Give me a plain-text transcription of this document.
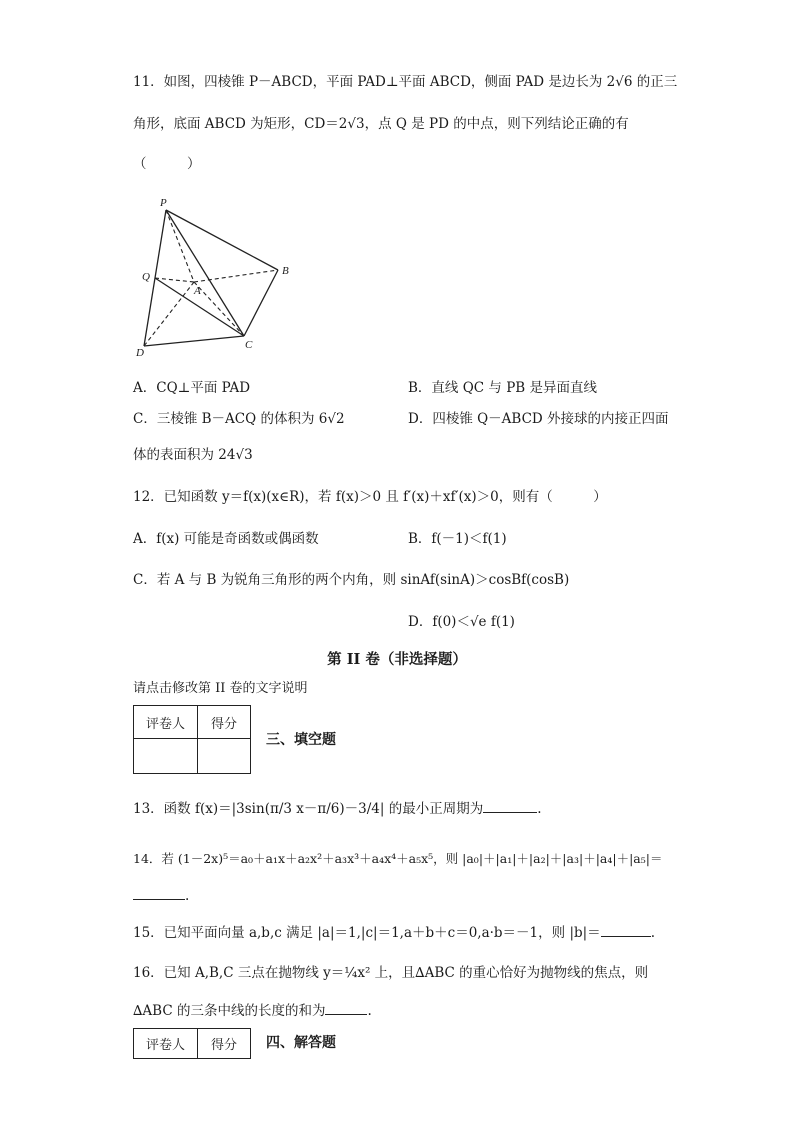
11．如图，四棱锥 P－ABCD，平面 PAD⊥平面 ABCD，侧面 PAD 是边长为 2√6 的正三
角形，底面 ABCD 为矩形，CD＝2√3，点 Q 是 PD 的中点，则下列结论正确的有
（　　　）
P
Q
A
B
C
D
A．CQ⊥平面 PAD	B．直线 QC 与 PB 是异面直线
C．三棱锥 B－ACQ 的体积为 6√2	D．四棱锥 Q－ABCD 外接球的内接正四面
体的表面积为 24√3
12．已知函数 y＝f(x)(x∈R)，若 f(x)＞0 且 f′(x)＋xf′(x)＞0，则有（　　　）
A．f(x) 可能是奇函数或偶函数	B．f(－1)＜f(1)
C．若 A 与 B 为锐角三角形的两个内角，则 sinAf(sinA)＞cosBf(cosB)
D．f(0)＜√e f(1)
第 II 卷（非选择题）
请点击修改第 II 卷的文字说明
评卷人	得分

三、填空题
13．函数 f(x)＝|3sin(π/3 x－π/6)－3/4| 的最小正周期为	.
14．若 (1－2x)⁵＝a₀＋a₁x＋a₂x²＋a₃x³＋a₄x⁴＋a₅x⁵，则 |a₀|＋|a₁|＋|a₂|＋|a₃|＋|a₄|＋|a₅|＝
.
15．已知平面向量 a,b,c 满足 |a|＝1,|c|＝1,a＋b＋c＝0,a·b＝－1，则 |b|＝	.
16．已知 A,B,C 三点在抛物线 y＝¼x² 上，且∆ABC 的重心恰好为抛物线的焦点，则
∆ABC 的三条中线的长度的和为	.
评卷人	得分 四、解答题
